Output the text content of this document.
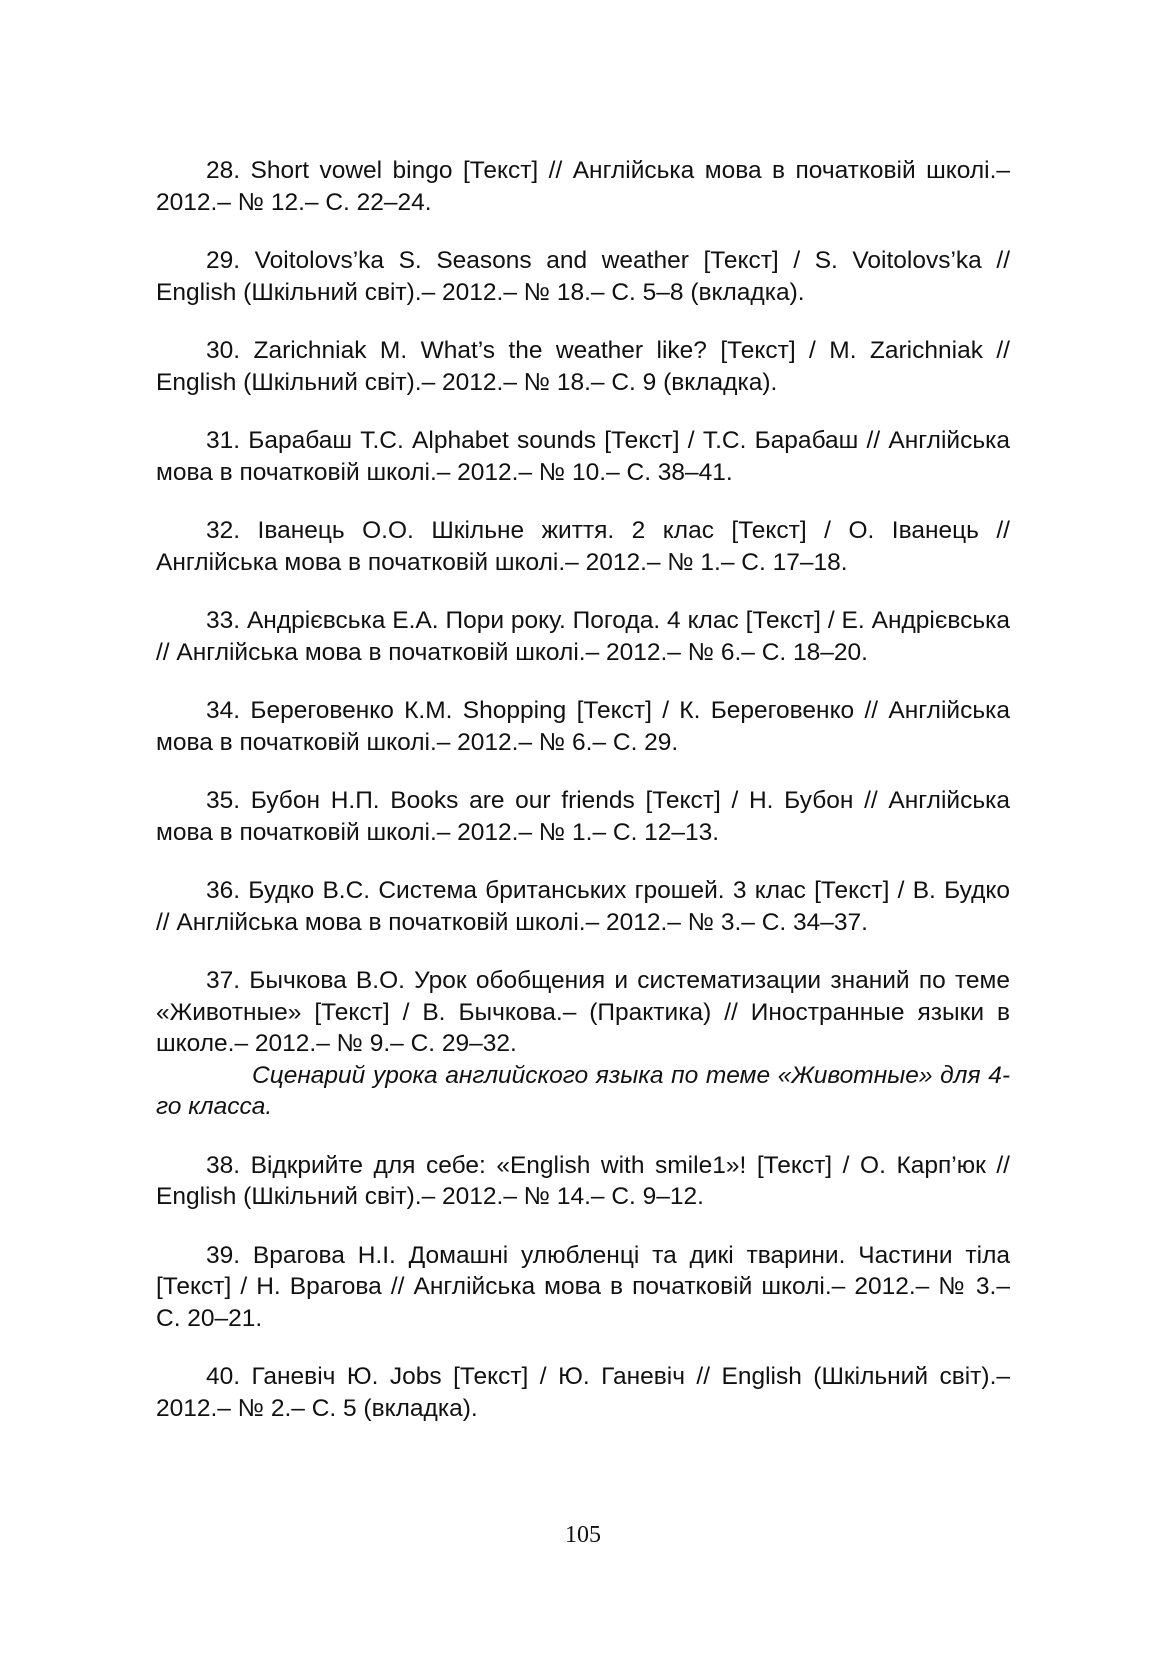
28. Short vowel bingo [Текст] // Англійська мова в початковій школі.– 2012.– № 12.– С. 22–24.

29. Voitolovs’ka S. Seasons and weather [Текст] / S. Voitolovs’ka // English (Шкільний світ).– 2012.– № 18.– С. 5–8 (вкладка).

30. Zarichniak M. What’s the weather like? [Текст] / M. Zarichniak // English (Шкільний світ).– 2012.– № 18.– С. 9 (вкладка).

31. Барабаш Т.С. Alphabet sounds [Текст] / Т.С. Барабаш // Англійська мова в початковій школі.– 2012.– № 10.– С. 38–41.

32. Іванець О.О. Шкільне життя. 2 клас [Текст] / О. Іванець // Англійська мова в початковій школі.– 2012.– № 1.– С. 17–18.

33. Андрієвська Е.А. Пори року. Погода. 4 клас [Текст] / Е. Андрієвська // Англійська мова в початковій школі.– 2012.– № 6.– С. 18–20.

34. Береговенко К.М. Shopping [Текст] / К. Береговенко // Англійська мова в початковій школі.– 2012.– № 6.– С. 29.

35. Бубон Н.П. Books are our friends [Текст] / Н. Бубон // Англійська мова в початковій школі.– 2012.– № 1.– С. 12–13.

36. Будко В.С. Система британських грошей. 3 клас [Текст] / В. Будко // Англійська мова в початковій школі.– 2012.– № 3.– С. 34–37.

37. Бычкова В.О. Урок обобщения и систематизации знаний по теме «Животные» [Текст] / В. Бычкова.– (Практика) // Иностранные языки в школе.– 2012.– № 9.– С. 29–32.

Сценарий урока английского языка по теме «Животные» для 4-го класса.

38. Відкрийте для себе: «English with smile1»! [Текст] / О. Карп’юк // English (Шкільний світ).– 2012.– № 14.– С. 9–12.

39. Врагова Н.І. Домашні улюбленці та дикі тварини. Частини тіла [Текст] / Н. Врагова // Англійська мова в початковій школі.– 2012.– № 3.– С. 20–21.

40. Ганевіч Ю. Jobs [Текст] / Ю. Ганевіч // English (Шкільний світ).– 2012.– № 2.– С. 5 (вкладка).

105
